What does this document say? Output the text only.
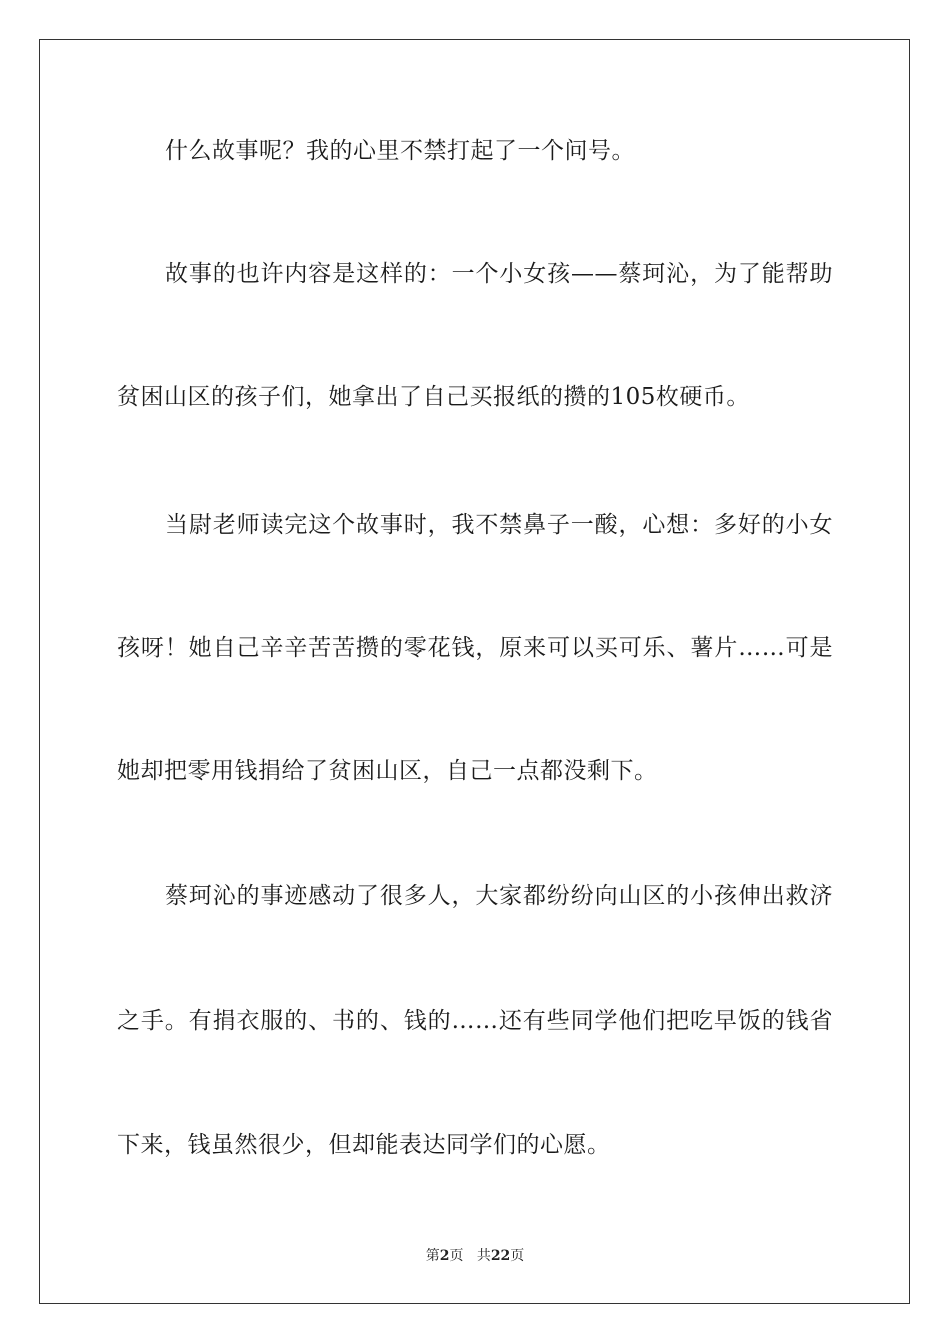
什么故事呢？我的心里不禁打起了一个问号。
故事的也许内容是这样的：一个小女孩——蔡珂沁，为了能帮助
贫困山区的孩子们，她拿出了自己买报纸的攒的105枚硬币。
当尉老师读完这个故事时，我不禁鼻子一酸，心想：多好的小女
孩呀！她自己辛辛苦苦攒的零花钱，原来可以买可乐、薯片……可是
她却把零用钱捐给了贫困山区，自己一点都没剩下。
蔡珂沁的事迹感动了很多人，大家都纷纷向山区的小孩伸出救济
之手。有捐衣服的、书的、钱的……还有些同学他们把吃早饭的钱省
下来，钱虽然很少，但却能表达同学们的心愿。
第2页 共22页
